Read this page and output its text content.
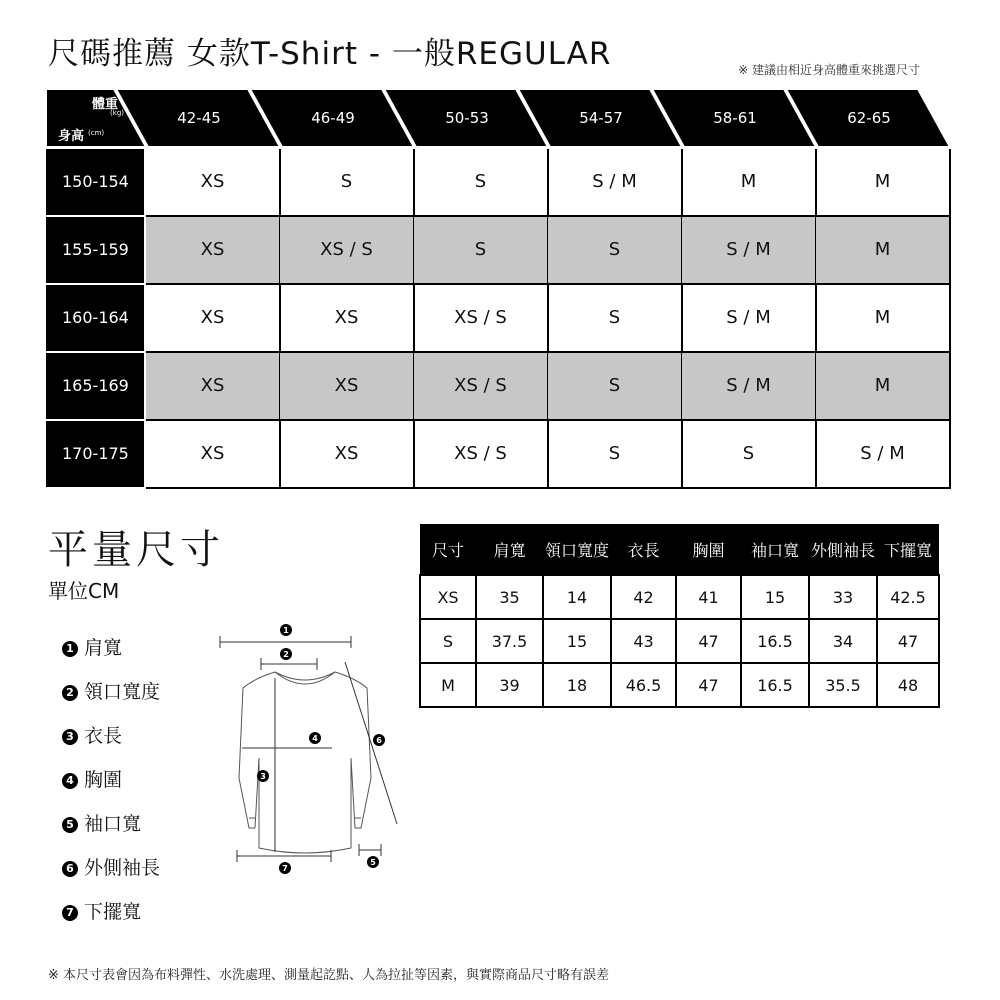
尺碼推薦 女款T-Shirt - 一般REGULAR	※ 建議由相近身高體重來挑選尺寸
體重
(kg)
身高 (cm)
42-45	46-49	50-53	54-57	58-61	62-65
150-154	XS	S	S	S / M	M	M
155-159	XS	XS / S	S	S	S / M	M
160-164	XS	XS	XS / S	S	S / M	M
165-169	XS	XS	XS / S	S	S / M	M
170-175	XS	XS	XS / S	S	S	S / M
平量尺寸
單位CM
1 肩寬
2 領口寬度
3 衣長
4 胸圍
5 袖口寬
6 外側袖長
7 下擺寬
1
2
4
3
6
5
7
尺寸	肩寬	領口寬度	衣長	胸圍	袖口寬	外側袖長	下擺寬
XS	35	14	42	41	15	33	42.5
S	37.5	15	43	47	16.5	34	47
M	39	18	46.5	47	16.5	35.5	48
※ 本尺寸表會因為布料彈性、水洗處理、測量起訖點、人為拉扯等因素，與實際商品尺寸略有誤差
